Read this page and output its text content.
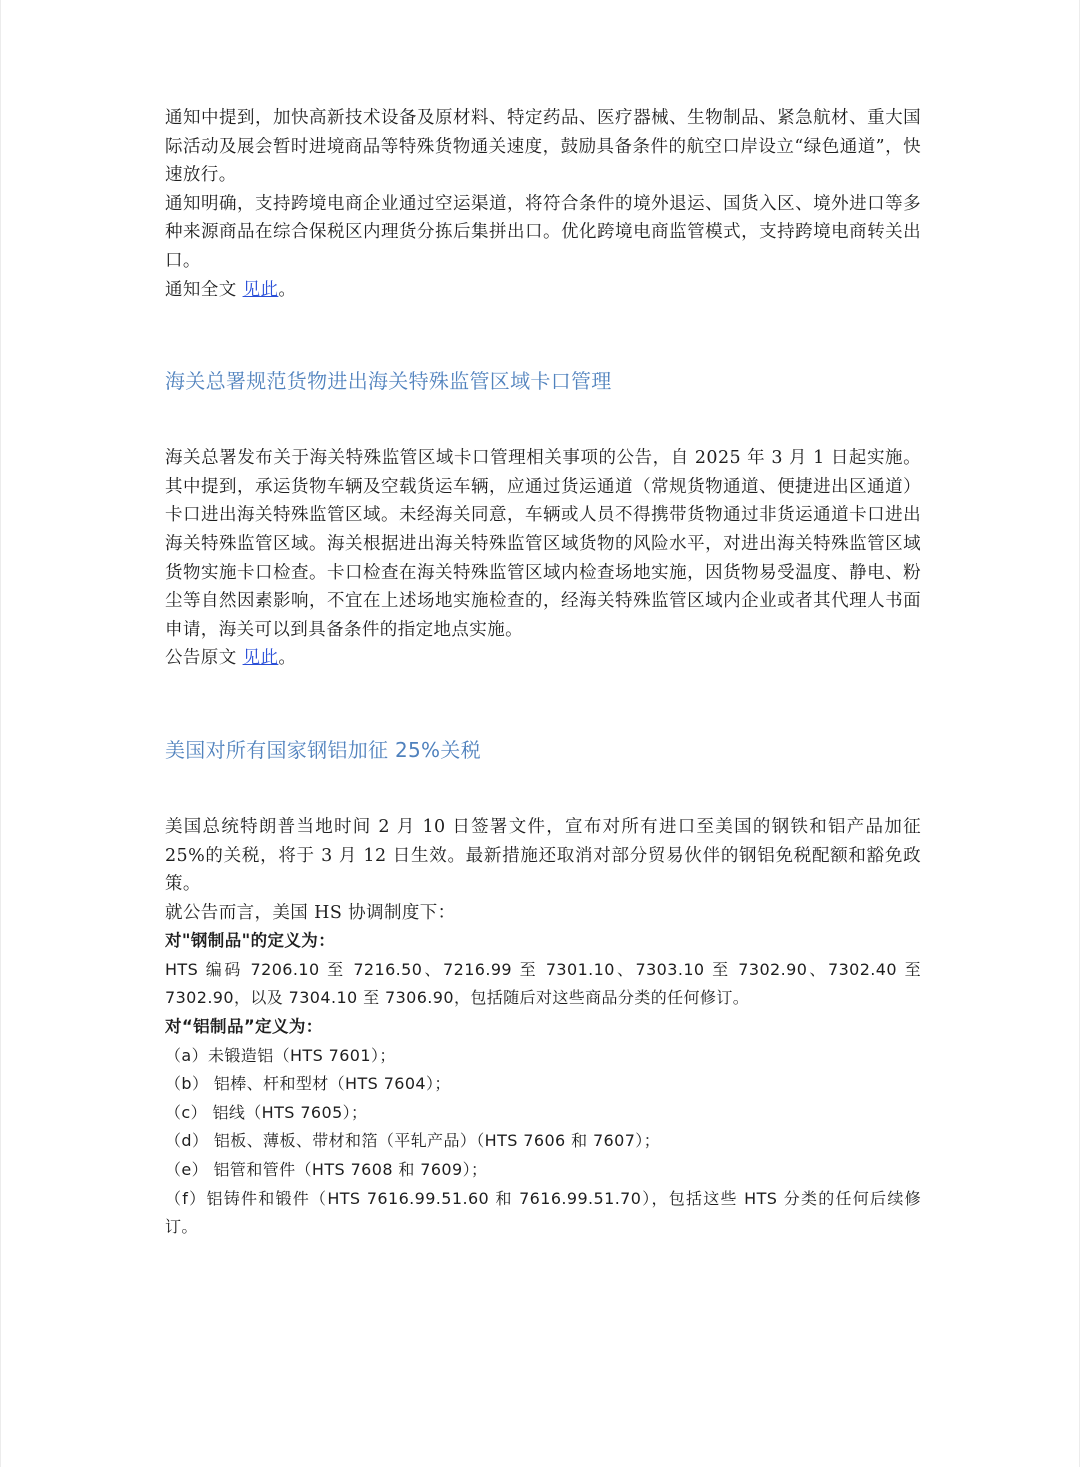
通知中提到，加快高新技术设备及原材料、特定药品、医疗器械、生物制品、紧急航材、重大国际活动及展会暂时进境商品等特殊货物通关速度，鼓励具备条件的航空口岸设立“绿色通道”，快速放行。

通知明确，支持跨境电商企业通过空运渠道，将符合条件的境外退运、国货入区、境外进口等多种来源商品在综合保税区内理货分拣后集拼出口。优化跨境电商监管模式，支持跨境电商转关出口。

通知全文 见此。

海关总署规范货物进出海关特殊监管区域卡口管理

海关总署发布关于海关特殊监管区域卡口管理相关事项的公告，自 2025 年 3 月 1 日起实施。其中提到，承运货物车辆及空载货运车辆，应通过货运通道（常规货物通道、便捷进出区通道）卡口进出海关特殊监管区域。未经海关同意，车辆或人员不得携带货物通过非货运通道卡口进出海关特殊监管区域。海关根据进出海关特殊监管区域货物的风险水平，对进出海关特殊监管区域货物实施卡口检查。卡口检查在海关特殊监管区域内检查场地实施，因货物易受温度、静电、粉尘等自然因素影响，不宜在上述场地实施检查的，经海关特殊监管区域内企业或者其代理人书面申请，海关可以到具备条件的指定地点实施。

公告原文 见此。

美国对所有国家钢铝加征 25%关税

美国总统特朗普当地时间 2 月 10 日签署文件，宣布对所有进口至美国的钢铁和铝产品加征 25%的关税，将于 3 月 12 日生效。最新措施还取消对部分贸易伙伴的钢铝免税配额和豁免政策。

就公告而言，美国 HS 协调制度下：

对"钢制品"的定义为：

HTS 编码 7206.10 至 7216.50、7216.99 至 7301.10、7303.10 至 7302.90、7302.40 至 7302.90，以及 7304.10 至 7306.90，包括随后对这些商品分类的任何修订。

对“铝制品”定义为：

（a）未锻造铝（HTS 7601）；

（b） 铝棒、杆和型材（HTS 7604）；

（c） 铝线（HTS 7605）；

（d） 铝板、薄板、带材和箔（平轧产品）（HTS 7606 和 7607）；

（e） 铝管和管件（HTS 7608 和 7609）；

（f）铝铸件和锻件（HTS 7616.99.51.60 和 7616.99.51.70），包括这些 HTS 分类的任何后续修订。
